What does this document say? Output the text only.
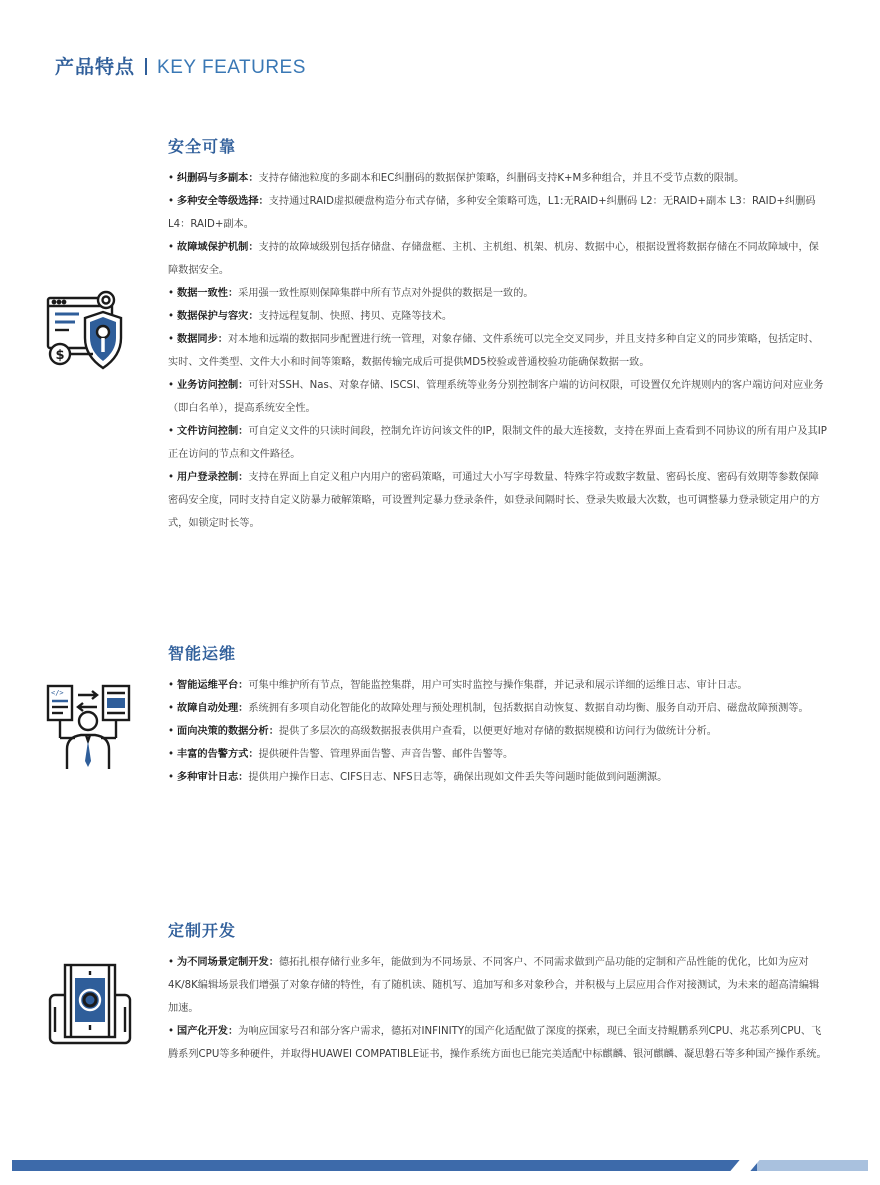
产品特点 KEY FEATURES
$
安全可靠

• 纠删码与多副本：支持存储池粒度的多副本和EC纠删码的数据保护策略，纠删码支持K+M多种组合，并且不受节点数的限制。

• 多种安全等级选择：支持通过RAID虚拟硬盘构造分布式存储，多种安全策略可选，L1:无RAID+纠删码 L2：无RAID+副本 L3：RAID+纠删码 L4：RAID+副本。

• 故障域保护机制：支持的故障域级别包括存储盘、存储盘框、主机、主机组、机架、机房、数据中心，根据设置将数据存储在不同故障域中，保障数据安全。

• 数据一致性：采用强一致性原则保障集群中所有节点对外提供的数据是一致的。

• 数据保护与容灾：支持远程复制、快照、拷贝、克隆等技术。

• 数据同步：对本地和远端的数据同步配置进行统一管理，对象存储、文件系统可以完全交叉同步，并且支持多种自定义的同步策略，包括定时、实时、文件类型、文件大小和时间等策略，数据传输完成后可提供MD5校验或普通校验功能确保数据一致。

• 业务访问控制：可针对SSH、Nas、对象存储、ISCSI、管理系统等业务分别控制客户端的访问权限，可设置仅允许规则内的客户端访问对应业务（即白名单），提高系统安全性。

• 文件访问控制：可自定义文件的只读时间段，控制允许访问该文件的IP，限制文件的最大连接数，支持在界面上查看到不同协议的所有用户及其IP正在访问的节点和文件路径。

• 用户登录控制：支持在界面上自定义租户内用户的密码策略，可通过大小写字母数量、特殊字符或数字数量、密码长度、密码有效期等参数保障密码安全度，同时支持自定义防暴力破解策略，可设置判定暴力登录条件，如登录间隔时长、登录失败最大次数，也可调整暴力登录锁定用户的方式，如锁定时长等。

</>
智能运维

• 智能运维平台：可集中维护所有节点，智能监控集群，用户可实时监控与操作集群，并记录和展示详细的运维日志、审计日志。

• 故障自动处理：系统拥有多项自动化智能化的故障处理与预处理机制，包括数据自动恢复、数据自动均衡、服务自动开启、磁盘故障预测等。

• 面向决策的数据分析：提供了多层次的高级数据报表供用户查看，以便更好地对存储的数据规模和访问行为做统计分析。

• 丰富的告警方式：提供硬件告警、管理界面告警、声音告警、邮件告警等。

• 多种审计日志：提供用户操作日志、CIFS日志、NFS日志等，确保出现如文件丢失等问题时能做到问题溯源。

定制开发

• 为不同场景定制开发：德拓扎根存储行业多年，能做到为不同场景、不同客户、不同需求做到产品功能的定制和产品性能的优化，比如为应对4K/8K编辑场景我们增强了对象存储的特性，有了随机读、随机写、追加写和多对象秒合，并积极与上层应用合作对接测试，为未来的超高清编辑加速。

• 国产化开发：为响应国家号召和部分客户需求，德拓对INFINITY的国产化适配做了深度的探索，现已全面支持鲲鹏系列CPU、兆芯系列CPU、飞腾系列CPU等多种硬件，并取得HUAWEI COMPATIBLE证书，操作系统方面也已能完美适配中标麒麟、银河麒麟、凝思磐石等多种国产操作系统。
